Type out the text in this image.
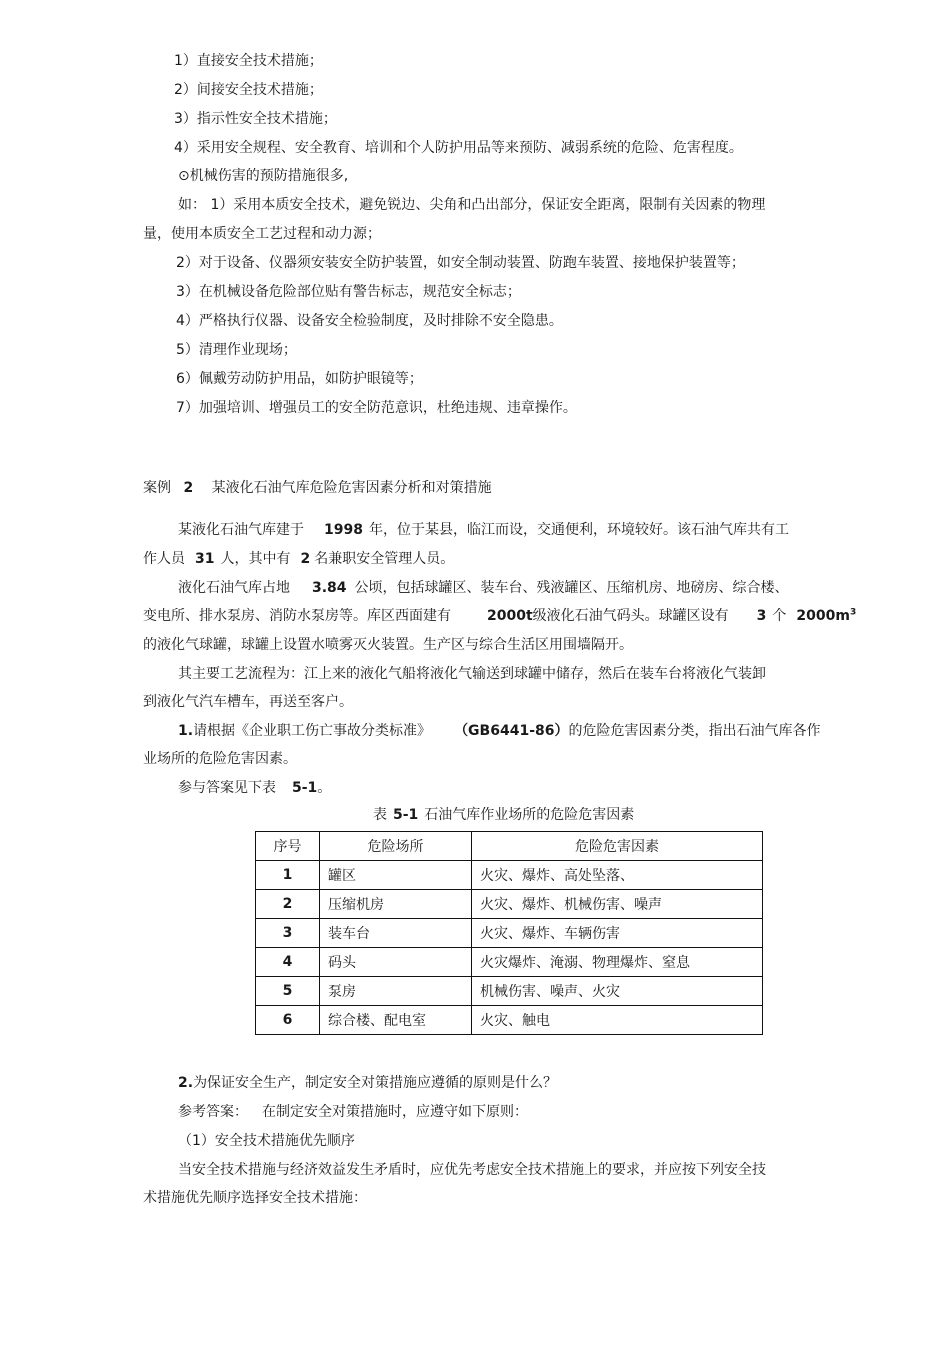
1）直接安全技术措施；
2）间接安全技术措施；
3）指示性安全技术措施；
4）采用安全规程、安全教育、培训和个人防护用品等来预防、减弱系统的危险、危害程度。
⊙机械伤害的预防措施很多,
如： 1）采用本质安全技术，避免锐边、尖角和凸出部分，保证安全距离，限制有关因素的物理
量，使用本质安全工艺过程和动力源；
2）对于设备、仪器须安装安全防护装置，如安全制动装置、防跑车装置、接地保护装置等；
3）在机械设备危险部位贴有警告标志，规范安全标志；
4）严格执行仪器、设备安全检验制度，及时排除不安全隐患。
5）清理作业现场；
6）佩戴劳动防护用品，如防护眼镜等；
7）加强培训、增强员工的安全防范意识，杜绝违规、违章操作。
案例 2 某液化石油气库危险危害因素分析和对策措施
某液化石油气库建于 1998 年，位于某县，临江而设，交通便利，环境较好。该石油气库共有工
作人员 31 人，其中有 2 名兼职安全管理人员。
液化石油气库占地 3.84 公顷，包括球罐区、装车台、残液罐区、压缩机房、地磅房、综合楼、
变电所、排水泵房、消防水泵房等。库区西面建有	2000t级液化石油气码头。球罐区设有 3 个 $2000m^3$
的液化气球罐，球罐上设置水喷雾灭火装置。生产区与综合生活区用围墙隔开。
其主要工艺流程为：江上来的液化气船将液化气输送到球罐中储存，然后在装车台将液化气装卸
到液化气汽车槽车，再送至客户。
1.请根据《企业职工伤亡事故分类标准》 （GB6441-86）的危险危害因素分类，指出石油气库各作
业场所的危险危害因素。
参与答案见下表 5-1。
表 5-1 石油气库作业场所的危险危害因素
序号	危险场所	危险危害因素
1	罐区	火灾、爆炸、高处坠落、
2	压缩机房	火灾、爆炸、机械伤害、噪声
3	装车台	火灾、爆炸、车辆伤害
4	码头	火灾爆炸、淹溺、物理爆炸、窒息
5	泵房	机械伤害、噪声、火灾
6	综合楼、配电室	火灾、触电
2.为保证安全生产，制定安全对策措施应遵循的原则是什么？
参考答案： 在制定安全对策措施时，应遵守如下原则：
（1）安全技术措施优先顺序
当安全技术措施与经济效益发生矛盾时，应优先考虑安全技术措施上的要求，并应按下列安全技
术措施优先顺序选择安全技术措施：
